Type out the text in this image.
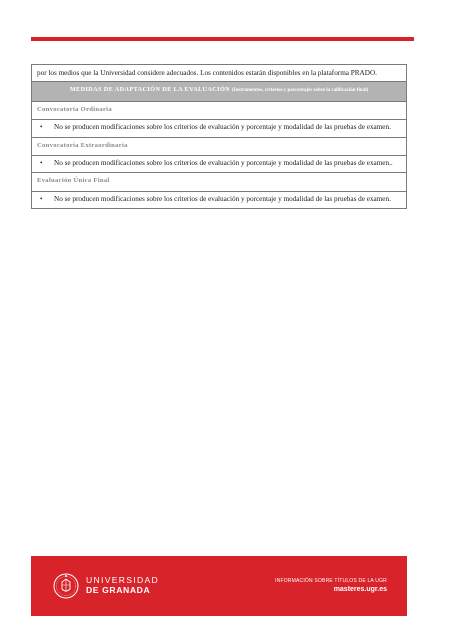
por los medios que la Universidad considere adecuados. Los contenidos estarán disponibles en la plataforma PRADO.
MEDIDAS DE ADAPTACIÓN DE LA EVALUACIÓN (Instrumentos, criterios y porcentajes sobre la calificación final)
Convocatoria Ordinaria
•	No se producen modificaciones sobre los criterios de evaluación y porcentaje y modalidad de las pruebas de examen.
Convocatoria Extraordinaria
•	No se producen modificaciones sobre los criterios de evaluación y porcentaje y modalidad de las pruebas de examen..
Evaluación Única Final
•	No se producen modificaciones sobre los criterios de evaluación y porcentaje y modalidad de las pruebas de examen.
UNIVERSIDAD
DE GRANADA
INFORMACIÓN SOBRE TÍTULOS DE LA UGR
masteres.ugr.es
